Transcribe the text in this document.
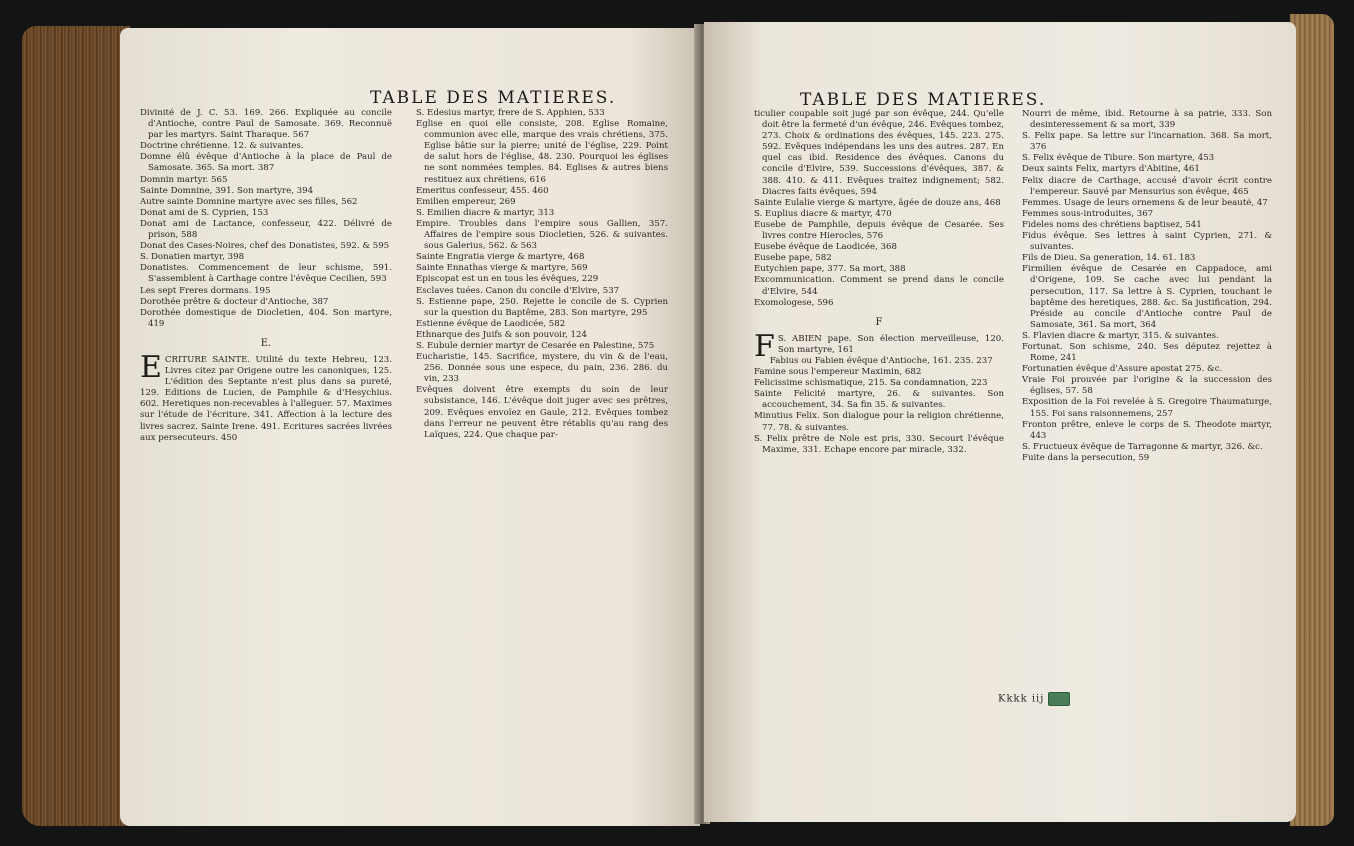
TABLE DES MATIERES.

Divinité de J. C. 53. 169. 266. Expliquée au concile d'Antioche, contre Paul de Samosate. 369. Reconnuë par les martyrs. Saint Tharaque. 567

Doctrine chrétienne. 12. & suivantes.

Domne élû évêque d'Antioche à la place de Paul de Samosate. 365. Sa mort. 387

Domnin martyr. 565

Sainte Domnine, 391. Son martyre, 394

Autre sainte Domnine martyre avec ses filles, 562

Donat ami de S. Cyprien, 153

Donat ami de Lactance, confesseur, 422. Délivré de prison, 588

Donat des Cases-Noires, chef des Donatistes, 592. & 595

S. Donatien martyr, 398

Donatistes. Commencement de leur schisme, 591. S'assemblent à Carthage contre l'évêque Cecilien, 593

Les sept Freres dormans. 195

Dorothée prêtre & docteur d'Antioche, 387

Dorothée domestique de Diocletien, 404. Son martyre, 419

E.

ECRITURE SAINTE. Utilité du texte Hebreu, 123. Livres citez par Origene outre les canoniques, 125. L'édition des Septante n'est plus dans sa pureté, 129. Editions de Lucien, de Pamphile & d'Hesychius. 602. Heretiques non-recevables à l'alleguer. 57. Maximes sur l'étude de l'écriture. 341. Affection à la lecture des livres sacrez. Sainte Irene. 491. Ecritures sacrées livrées aux persecuteurs. 450

S. Edesius martyr, frere de S. Apphien, 533

Eglise en quoi elle consiste, 208. Eglise Romaine, communion avec elle, marque des vrais chrétiens, 375. Eglise bâtie sur la pierre; unité de l'église, 229. Point de salut hors de l'église, 48. 230. Pourquoi les églises ne sont nommées temples. 84. Eglises & autres biens restituez aux chrétiens, 616

Emeritus confesseur, 455. 460

Emilien empereur, 269

S. Emilien diacre & martyr, 313

Empire. Troubles dans l'empire sous Gallien, 357. Affaires de l'empire sous Diocletien, 526. & suivantes. sous Galerius, 562. & 563

Sainte Engratia vierge & martyre, 468

Sainte Ennathas vierge & martyre, 569

Episcopat est un en tous les évêques, 229

Esclaves tuées. Canon du concile d'Elvire, 537

S. Estienne pape, 250. Rejette le concile de S. Cyprien sur la question du Baptême, 283. Son martyre, 295

Estienne évêque de Laodicée, 582

Ethnarque des Juifs & son pouvoir, 124

S. Eubule dernier martyr de Cesarée en Palestine, 575

Eucharistie, 145. Sacrifice, mystere, du vin & de l'eau, 256. Donnée sous une espece, du pain, 236. 286. du vin, 233

Evêques doivent être exempts du soin de leur subsistance, 146. L'évêque doit juger avec ses prêtres, 209. Evêques envoïez en Gaule, 212. Evêques tombez dans l'erreur ne peuvent être rétablis qu'au rang des Laïques, 224. Que chaque par-

TABLE DES MATIERES.

ticulier coupable soit jugé par son évêque, 244. Qu'elle doit être la fermeté d'un évêque, 246. Evêques tombez, 273. Choix & ordinations des évêques, 145. 223. 275. 592. Evêques indépendans les uns des autres. 287. En quel cas ibid. Residence des évêques. Canons du concile d'Elvire, 539. Successions d'évêques, 387. & 388. 410. & 411. Evêques traitez indignement; 582. Diacres faits évêques, 594

Sainte Eulalie vierge & martyre, âgée de douze ans, 468

S. Euplius diacre & martyr, 470

Eusebe de Pamphile, depuis évêque de Cesarée. Ses livres contre Hierocles, 576

Eusebe évêque de Laodicée, 368

Eusebe pape, 582

Eutychien pape, 377. Sa mort, 388

Excommunication. Comment se prend dans le concile d'Elvire, 544

Exomologese, 596

F

F S. ABIEN pape. Son élection merveilleuse, 120. Son martyre, 161

Fabius ou Fabien évêque d'Antioche, 161. 235. 237

Famine sous l'empereur Maximin, 682

Felicissime schismatique, 215. Sa condamnation, 223

Sainte Felicité martyre, 26. & suivantes. Son accouchement, 34. Sa fin 35. & suivantes.

Minutius Felix. Son dialogue pour la religion chrétienne, 77. 78. & suivantes.

S. Felix prêtre de Nole est pris, 330. Secourt l'évêque Maxime, 331. Echape encore par miracle, 332.

Nourri de même, ibid. Retourne à sa patrie, 333. Son desinteressement & sa mort, 339

S. Felix pape. Sa lettre sur l'incarnation. 368. Sa mort, 376

S. Felix évêque de Tibure. Son martyre, 453

Deux saints Felix, martyrs d'Abitine, 461

Felix diacre de Carthage, accusé d'avoir écrit contre l'empereur. Sauvé par Mensurius son évêque, 465

Femmes. Usage de leurs ornemens & de leur beauté, 47

Femmes sous-introduites, 367

Fideles noms des chrétiens baptisez, 541

Fidus évêque. Ses lettres à saint Cyprien, 271. & suivantes.

Fils de Dieu. Sa generation, 14. 61. 183

Firmilien évêque de Cesarée en Cappadoce, ami d'Origene, 109. Se cache avec lui pendant la persecution, 117. Sa lettre à S. Cyprien, touchant le baptême des heretiques, 288. &c. Sa justification, 294. Préside au concile d'Antioche contre Paul de Samosate, 361. Sa mort, 364

S. Flavien diacre & martyr, 315. & suivantes.

Fortunat. Son schisme, 240. Ses députez rejettez à Rome, 241

Fortunatien évêque d'Assure apostat 275. &c.

Vraie Foi prouvée par l'origine & la succession des églises, 57. 58

Exposition de la Foi revelée à S. Gregoire Thaumaturge, 155. Foi sans raisonnemens, 257

Fronton prêtre, enleve le corps de S. Theodote martyr, 443

S. Fructueux évêque de Tarragonne & martyr, 326. &c.

Fuite dans la persecution, 59

Kkkk iij
